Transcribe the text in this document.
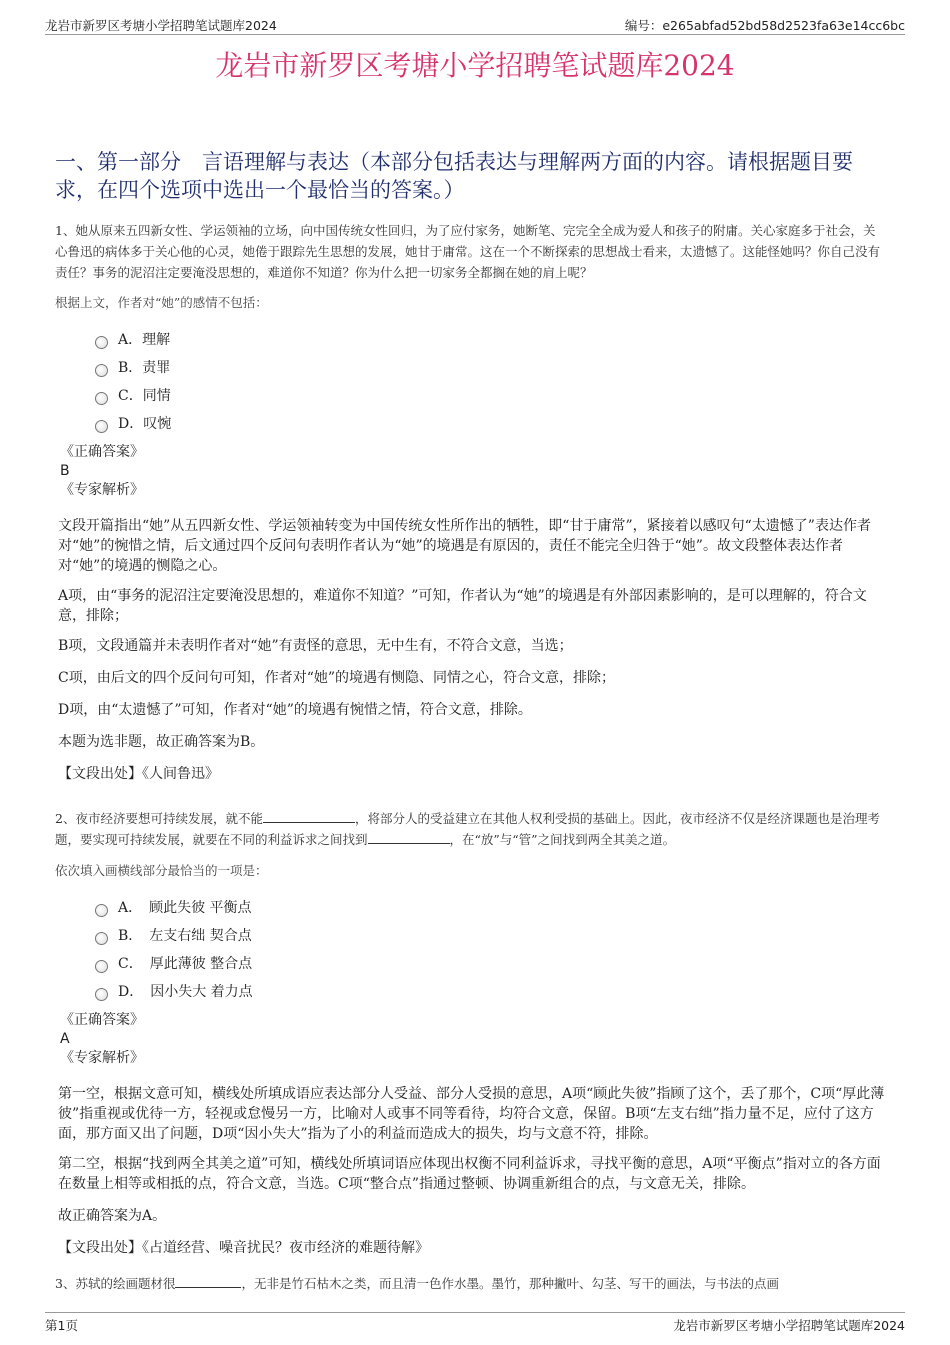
龙岩市新罗区考塘小学招聘笔试题库2024	编号：e265abfad52bd58d2523fa63e14cc6bc
龙岩市新罗区考塘小学招聘笔试题库2024
一、第一部分　言语理解与表达（本部分包括表达与理解两方面的内容。请根据题目要求，在四个选项中选出一个最恰当的答案。）

1、她从原来五四新女性、学运领袖的立场，向中国传统女性回归，为了应付家务，她断笔、完完全全成为爱人和孩子的附庸。关心家庭多于社会，关心鲁迅的病体多于关心他的心灵，她倦于跟踪先生思想的发展，她甘于庸常。这在一个不断探索的思想战士看来，太遗憾了。这能怪她吗？你自己没有责任？事务的泥沼注定要淹没思想的，难道你不知道？你为什么把一切家务全都搁在她的肩上呢？

根据上文，作者对“她”的感情不包括：

A．理解
B．责罪
C．同情
D．叹惋

《正确答案》

B

《专家解析》

文段开篇指出“她”从五四新女性、学运领袖转变为中国传统女性所作出的牺牲，即“甘于庸常”，紧接着以感叹句“太遗憾了”表达作者对“她”的惋惜之情，后文通过四个反问句表明作者认为“她”的境遇是有原因的，责任不能完全归咎于“她”。故文段整体表达作者对“她”的境遇的恻隐之心。

A项，由“事务的泥沼注定要淹没思想的，难道你不知道？”可知，作者认为“她”的境遇是有外部因素影响的，是可以理解的，符合文意，排除；

B项，文段通篇并未表明作者对“她”有责怪的意思，无中生有，不符合文意，当选；

C项，由后文的四个反问句可知，作者对“她”的境遇有恻隐、同情之心，符合文意，排除；

D项，由“太遗憾了”可知，作者对“她”的境遇有惋惜之情，符合文意，排除。

本题为选非题，故正确答案为B。

【文段出处】《人间鲁迅》

2、夜市经济要想可持续发展，就不能	，将部分人的受益建立在其他人权利受损的基础上。因此，夜市经济不仅是经济课题也是治理考题，要实现可持续发展，就要在不同的利益诉求之间找到	，在“放”与“管”之间找到两全其美之道。

依次填入画横线部分最恰当的一项是：

A．　顾此失彼 平衡点
B．　左支右绌 契合点
C．　厚此薄彼 整合点
D．　因小失大 着力点

《正确答案》

A

《专家解析》

第一空，根据文意可知，横线处所填成语应表达部分人受益、部分人受损的意思，A项“顾此失彼”指顾了这个，丢了那个，C项“厚此薄彼”指重视或优待一方，轻视或怠慢另一方，比喻对人或事不同等看待，均符合文意，保留。B项“左支右绌”指力量不足，应付了这方面，那方面又出了问题，D项“因小失大”指为了小的利益而造成大的损失，均与文意不符，排除。

第二空，根据“找到两全其美之道”可知，横线处所填词语应体现出权衡不同利益诉求，寻找平衡的意思，A项“平衡点”指对立的各方面在数量上相等或相抵的点，符合文意，当选。C项“整合点”指通过整顿、协调重新组合的点，与文意无关，排除。

故正确答案为A。

【文段出处】《占道经营、噪音扰民？夜市经济的难题待解》

3、苏轼的绘画题材很	，无非是竹石枯木之类，而且清一色作水墨。墨竹，那种撇叶、勾茎、写干的画法，与书法的点画

第1页	龙岩市新罗区考塘小学招聘笔试题库2024
